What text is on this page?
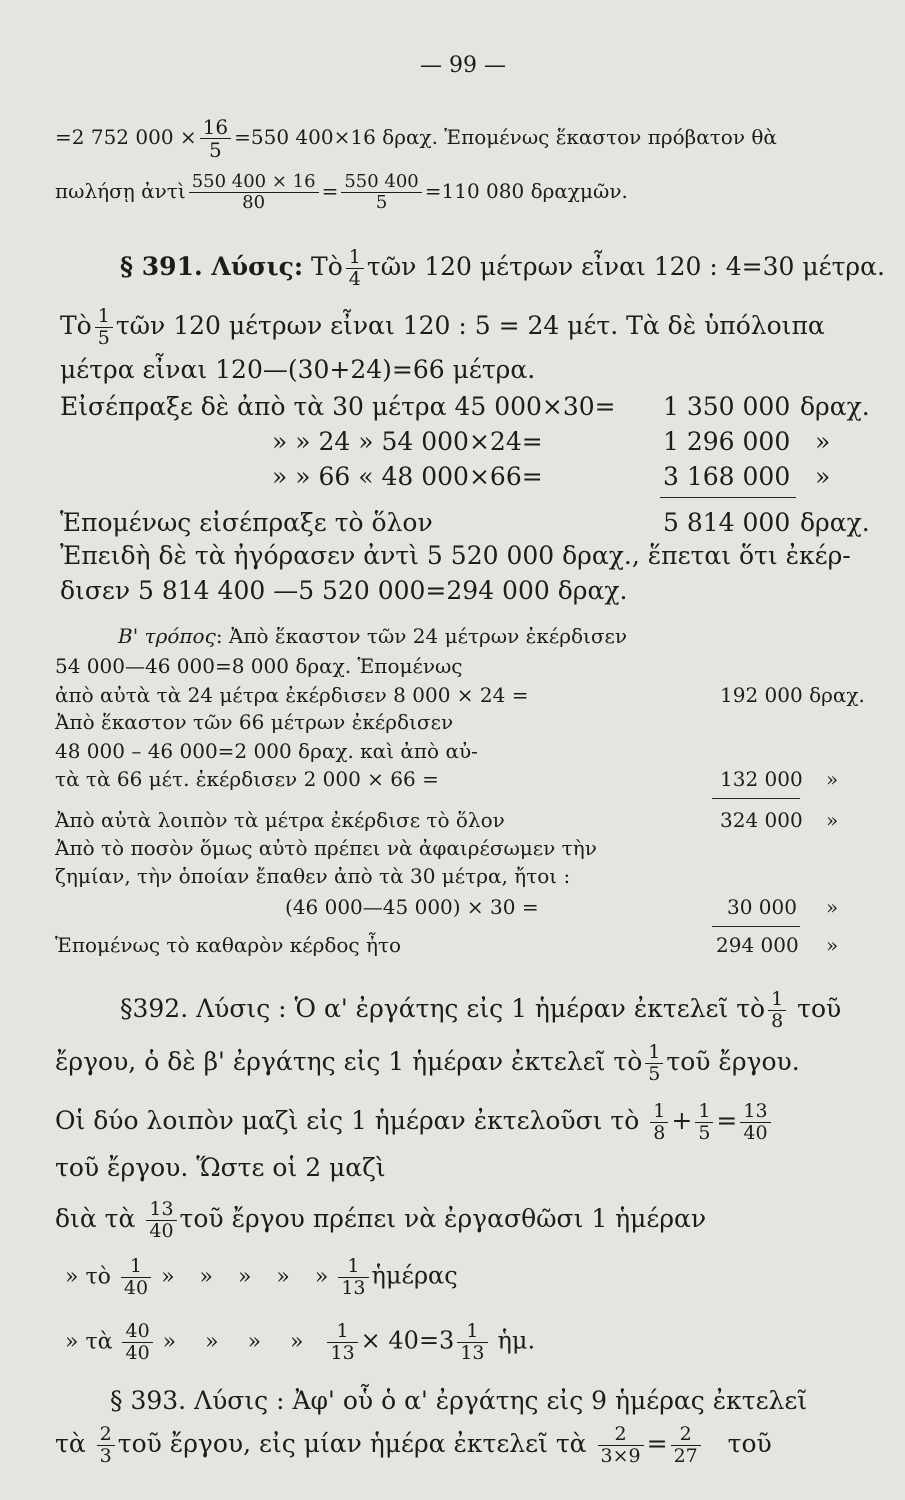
— 99 —
=2 752 $000 \times \frac{16}{5} =550$ 400×16 δραχ. Ἑπομένως ἕκαστον πρόβατον θὰ
πωλήσῃ ἀντὶ $\frac{550 400 \times 16}{80} = \frac{550 400}{5} =110$ 080 δραχμῶν.
§ 391. Λύσις: Τὸ $\frac{1}{4}$ τῶν 120 μέτρων εἶναι 120 : 4=30 μέτρα.
Τὸ $\frac{1}{5}$ τῶν 120 μέτρων εἶναι 120 : 5 = 24 μέτ. Τὰ δὲ ὑπόλοιπα
μέτρα εἶναι 120—(30+24)=66 μέτρα.
Εἰσέπραξε δὲ ἀπὸ τὰ 30 μέτρα 45 000×30= 1 350 000 δραχ.
» » 24 » 54 000×24=	1 296 000 »
» » 66 « 48 000×66=	3 168 000 »
Ἑπομένως εἰσέπραξε τὸ ὅλον	5 814 000 δραχ.
Ἐπειδὴ δὲ τὰ ἠγόρασεν ἀντὶ 5 520 000 δραχ., ἕπεται ὅτι ἐκέρ-
δισεν 5 814 400 —5 520 000=294 000 δραχ.
Β' τρόπος: Ἀπὸ ἕκαστον τῶν 24 μέτρων ἐκέρδισεν
54 000—46 000=8 000 δραχ. Ἑπομένως
ἀπὸ αὐτὰ τὰ 24 μέτρα ἐκέρδισεν 8 000 × 24 =	192 000 δραχ.
Ἀπὸ ἕκαστον τῶν 66 μέτρων ἐκέρδισεν
48 000 – 46 000=2 000 δραχ. καὶ ἀπὸ αὐ-
τὰ τὰ 66 μέτ. ἐκέρδισεν 2 000 × 66 =	132 000 »
Ἀπὸ αὐτὰ λοιπὸν τὰ μέτρα ἐκέρδισε τὸ ὅλον	324 000 »
Ἀπὸ τὸ ποσὸν ὅμως αὐτὸ πρέπει νὰ ἀφαιρέσωμεν τὴν
ζημίαν, τὴν ὁποίαν ἔπαθεν ἀπὸ τὰ 30 μέτρα, ἤτοι :
(46 000—45 000) × 30 =	30 000 »
Ἑπομένως τὸ καθαρὸν κέρδος ἦτο	294 000 »
§392. Λύσις : Ὁ α' ἐργάτης εἰς 1 ἡμέραν ἐκτελεῖ τὸ $\frac{1}{8}$ τοῦ
ἔργου, ὁ δὲ β' ἐργάτης εἰς 1 ἡμέραν ἐκτελεῖ τὸ $\frac{1}{5}$ τοῦ ἔργου.
Οἱ δύο λοιπὸν μαζὶ εἰς 1 ἡμέραν ἐκτελοῦσι τὸ $\frac{1}{8} + \frac{1}{5} = \frac{13}{40}$
τοῦ ἔργου. Ὥστε οἱ 2 μαζὶ
διὰ τὰ $\frac{13}{40}$ τοῦ ἔργου πρέπει νὰ ἐργασθῶσι 1 ἡμέραν
» τὸ $\frac{1}{40}$ » » » » » $\frac{1}{13}$ ἡμέρας
» τὰ $\frac{40}{40}$ » » » » $\frac{1}{13} \times 40=3 \frac{1}{13}$ ἡμ.
§ 393. Λύσις : Ἀφ' οὗ ὁ α' ἐργάτης εἰς 9 ἡμέρας ἐκτελεῖ
τὰ $\frac{2}{3}$ τοῦ ἔργου, εἰς μίαν ἡμέρα ἐκτελεῖ τὰ $\frac{2}{3\times 9} = \frac{2}{27}$ τοῦ
